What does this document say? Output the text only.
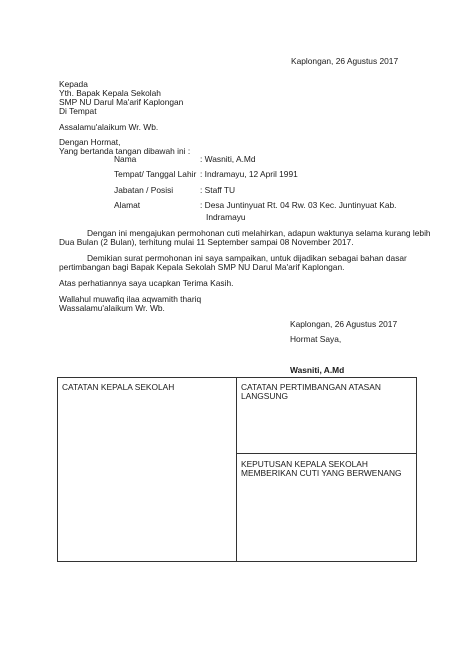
Kaplongan, 26 Agustus 2017
Kepada
Yth. Bapak Kepala Sekolah
SMP NU Darul Ma'arif Kaplongan
Di Tempat
Assalamu'alaikum Wr. Wb.
Dengan Hormat,
Yang bertanda tangan dibawah ini :
Nama	: Wasniti, A.Md
Tempat/ Tanggal Lahir : Indramayu, 12 April 1991
Jabatan / Posisi	: Staff TU
Alamat	: Desa Juntinyuat Rt. 04 Rw. 03 Kec. Juntinyuat Kab.
Indramayu
Dengan ini mengajukan permohonan cuti melahirkan, adapun waktunya selama kurang lebih
Dua Bulan (2 Bulan), terhitung mulai 11 September sampai 08 November 2017.
Demikian surat permohonan ini saya sampaikan, untuk dijadikan sebagai bahan dasar
pertimbangan bagi Bapak Kepala Sekolah SMP NU Darul Ma'arif Kaplongan.
Atas perhatiannya saya ucapkan Terima Kasih.
Wallahul muwafiq ilaa aqwamith thariq
Wassalamu'alaikum Wr. Wb.
Kaplongan, 26 Agustus 2017
Hormat Saya,
Wasniti, A.Md
CATATAN KEPALA SEKOLAH	CATATAN PERTIMBANGAN ATASAN
LANGSUNG
KEPUTUSAN KEPALA SEKOLAH
MEMBERIKAN CUTI YANG BERWENANG
